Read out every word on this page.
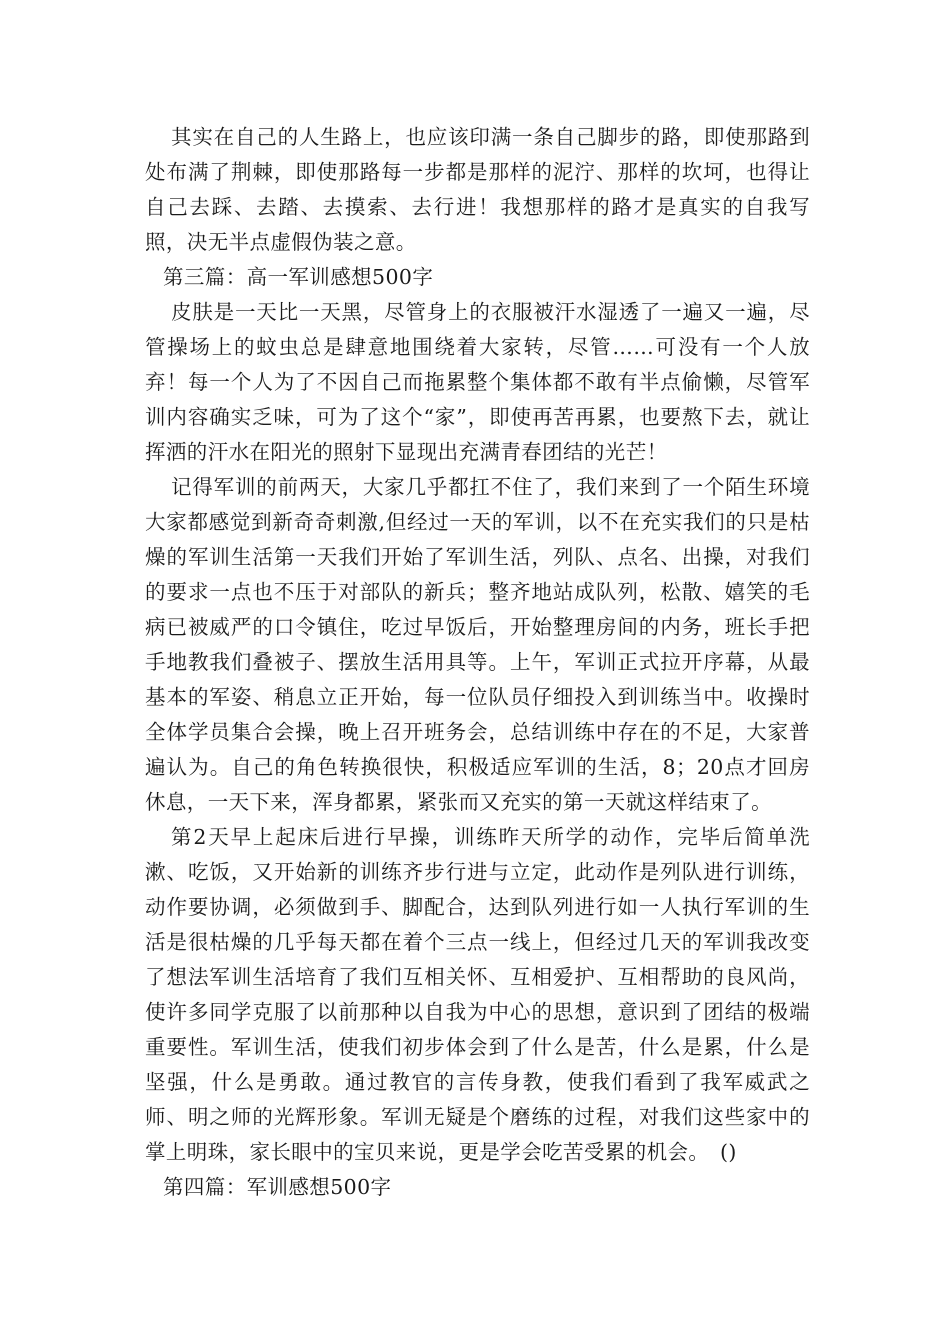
其实在自己的人生路上，也应该印满一条自己脚步的路，即使那路到处布满了荆棘，即使那路每一步都是那样的泥泞、那样的坎坷，也得让自己去踩、去踏、去摸索、去行进！我想那样的路才是真实的自我写照，决无半点虚假伪装之意。

第三篇：高一军训感想500字

皮肤是一天比一天黑，尽管身上的衣服被汗水湿透了一遍又一遍，尽管操场上的蚊虫总是肆意地围绕着大家转，尽管……可没有一个人放弃！每一个人为了不因自己而拖累整个集体都不敢有半点偷懒，尽管军训内容确实乏味，可为了这个“家”，即使再苦再累，也要熬下去，就让挥洒的汗水在阳光的照射下显现出充满青春团结的光芒！

记得军训的前两天，大家几乎都扛不住了，我们来到了一个陌生环境大家都感觉到新奇奇刺激,但经过一天的军训，以不在充实我们的只是枯燥的军训生活第一天我们开始了军训生活，列队、点名、出操，对我们的要求一点也不压于对部队的新兵；整齐地站成队列，松散、嬉笑的毛病已被威严的口令镇住，吃过早饭后，开始整理房间的内务，班长手把手地教我们叠被子、摆放生活用具等。上午，军训正式拉开序幕，从最基本的军姿、稍息立正开始，每一位队员仔细投入到训练当中。收操时全体学员集合会操，晚上召开班务会，总结训练中存在的不足，大家普遍认为。自己的角色转换很快，积极适应军训的生活，8；20点才回房休息，一天下来，浑身都累，紧张而又充实的第一天就这样结束了。

第2天早上起床后进行早操，训练昨天所学的动作，完毕后简单洗漱、吃饭，又开始新的训练齐步行进与立定，此动作是列队进行训练，动作要协调，必须做到手、脚配合，达到队列进行如一人执行军训的生活是很枯燥的几乎每天都在着个三点一线上，但经过几天的军训我改变了想法军训生活培育了我们互相关怀、互相爱护、互相帮助的良风尚，使许多同学克服了以前那种以自我为中心的思想，意识到了团结的极端重要性。军训生活，使我们初步体会到了什么是苦，什么是累，什么是坚强，什么是勇敢。通过教官的言传身教，使我们看到了我军威武之师、明之师的光辉形象。军训无疑是个磨练的过程，对我们这些家中的掌上明珠，家长眼中的宝贝来说，更是学会吃苦受累的机会。　()

第四篇：军训感想500字
